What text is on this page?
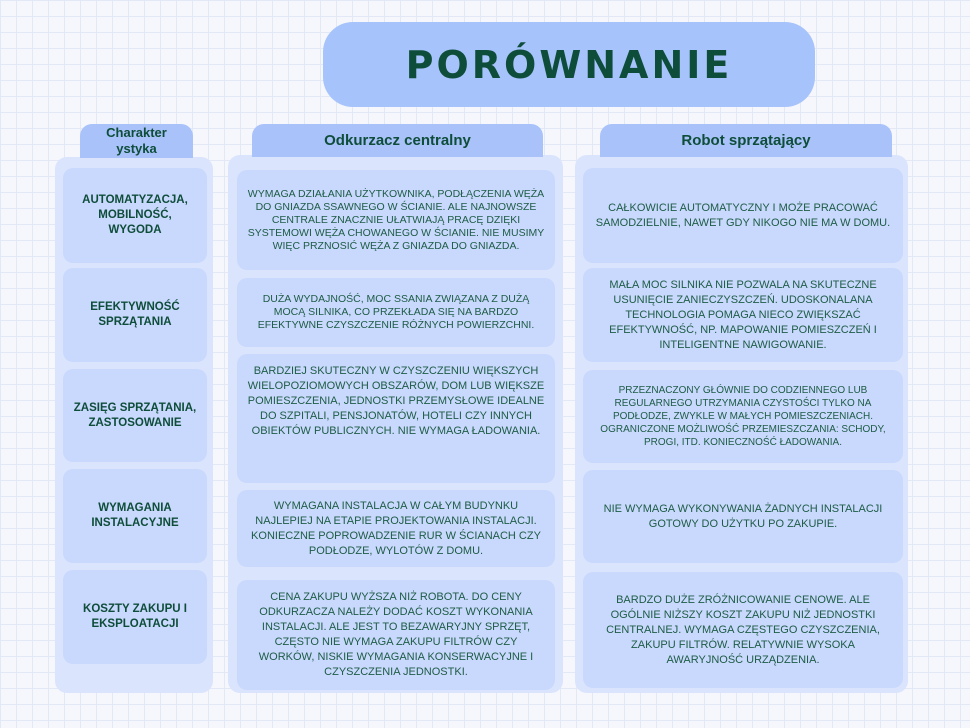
PORÓWNANIE
Charakter ystyka	Odkurzacz centralny	Robot sprzątający
AUTOMATYZACJA, MOBILNOŚĆ, WYGODA
EFEKTYWNOŚĆ SPRZĄTANIA
ZASIĘG SPRZĄTANIA, ZASTOSOWANIE
WYMAGANIA INSTALACYJNE
KOSZTY ZAKUPU I EKSPLOATACJI
WYMAGA DZIAŁANIA UŻYTKOWNIKA, PODŁĄCZENIA WĘŻA DO GNIAZDA SSAWNEGO W ŚCIANIE. ALE NAJNOWSZE CENTRALE ZNACZNIE UŁATWIAJĄ PRACĘ DZIĘKI SYSTEMOWI WĘŻA CHOWANEGO W ŚCIANIE. NIE MUSIMY WIĘC PRZNOSIĆ WĘŻA Z GNIAZDA DO GNIAZDA.
DUŻA WYDAJNOŚĆ, MOC SSANIA ZWIĄZANA Z DUŻĄ MOCĄ SILNIKA, CO PRZEKŁADA SIĘ NA BARDZO EFEKTYWNE CZYSZCZENIE RÓŻNYCH POWIERZCHNI.
BARDZIEJ SKUTECZNY W CZYSZCZENIU WIĘKSZYCH WIELOPOZIOMOWYCH OBSZARÓW, DOM LUB WIĘKSZE POMIESZCZENIA, JEDNOSTKI PRZEMYSŁOWE IDEALNE DO SZPITALI, PENSJONATÓW, HOTELI CZY INNYCH OBIEKTÓW PUBLICZNYCH. NIE WYMAGA ŁADOWANIA.
WYMAGANA INSTALACJA W CAŁYM BUDYNKU NAJLEPIEJ NA ETAPIE PROJEKTOWANIA INSTALACJI. KONIECZNE POPROWADZENIE RUR W ŚCIANACH CZY PODŁODZE, WYLOTÓW Z DOMU.
CENA ZAKUPU WYŻSZA NIŻ ROBOTA. DO CENY ODKURZACZA NALEŻY DODAĆ KOSZT WYKONANIA INSTALACJI. ALE JEST TO BEZAWARYJNY SPRZĘT, CZĘSTO NIE WYMAGA ZAKUPU FILTRÓW CZY WORKÓW, NISKIE WYMAGANIA KONSERWACYJNE I CZYSZCZENIA JEDNOSTKI.
CAŁKOWICIE AUTOMATYCZNY I MOŻE PRACOWAĆ SAMODZIELNIE, NAWET GDY NIKOGO NIE MA W DOMU.
MAŁA MOC SILNIKA NIE POZWALA NA SKUTECZNE USUNIĘCIE ZANIECZYSZCZEŃ. UDOSKONALANA TECHNOLOGIA POMAGA NIECO ZWIĘKSZAĆ EFEKTYWNOŚĆ, NP. MAPOWANIE POMIESZCZEŃ I INTELIGENTNE NAWIGOWANIE.
PRZEZNACZONY GŁÓWNIE DO CODZIENNEGO LUB REGULARNEGO UTRZYMANIA CZYSTOŚCI TYLKO NA PODŁODZE, ZWYKLE W MAŁYCH POMIESZCZENIACH. OGRANICZONE MOŻLIWOŚĆ PRZEMIESZCZANIA: SCHODY, PROGI, ITD. KONIECZNOŚĆ ŁADOWANIA.
NIE WYMAGA WYKONYWANIA ŻADNYCH INSTALACJI GOTOWY DO UŻYTKU PO ZAKUPIE.
BARDZO DUŻE ZRÓŻNICOWANIE CENOWE. ALE OGÓLNIE NIŻSZY KOSZT ZAKUPU NIŻ JEDNOSTKI CENTRALNEJ. WYMAGA CZĘSTEGO CZYSZCZENIA, ZAKUPU FILTRÓW. RELATYWNIE WYSOKA AWARYJNOŚĆ URZĄDZENIA.
